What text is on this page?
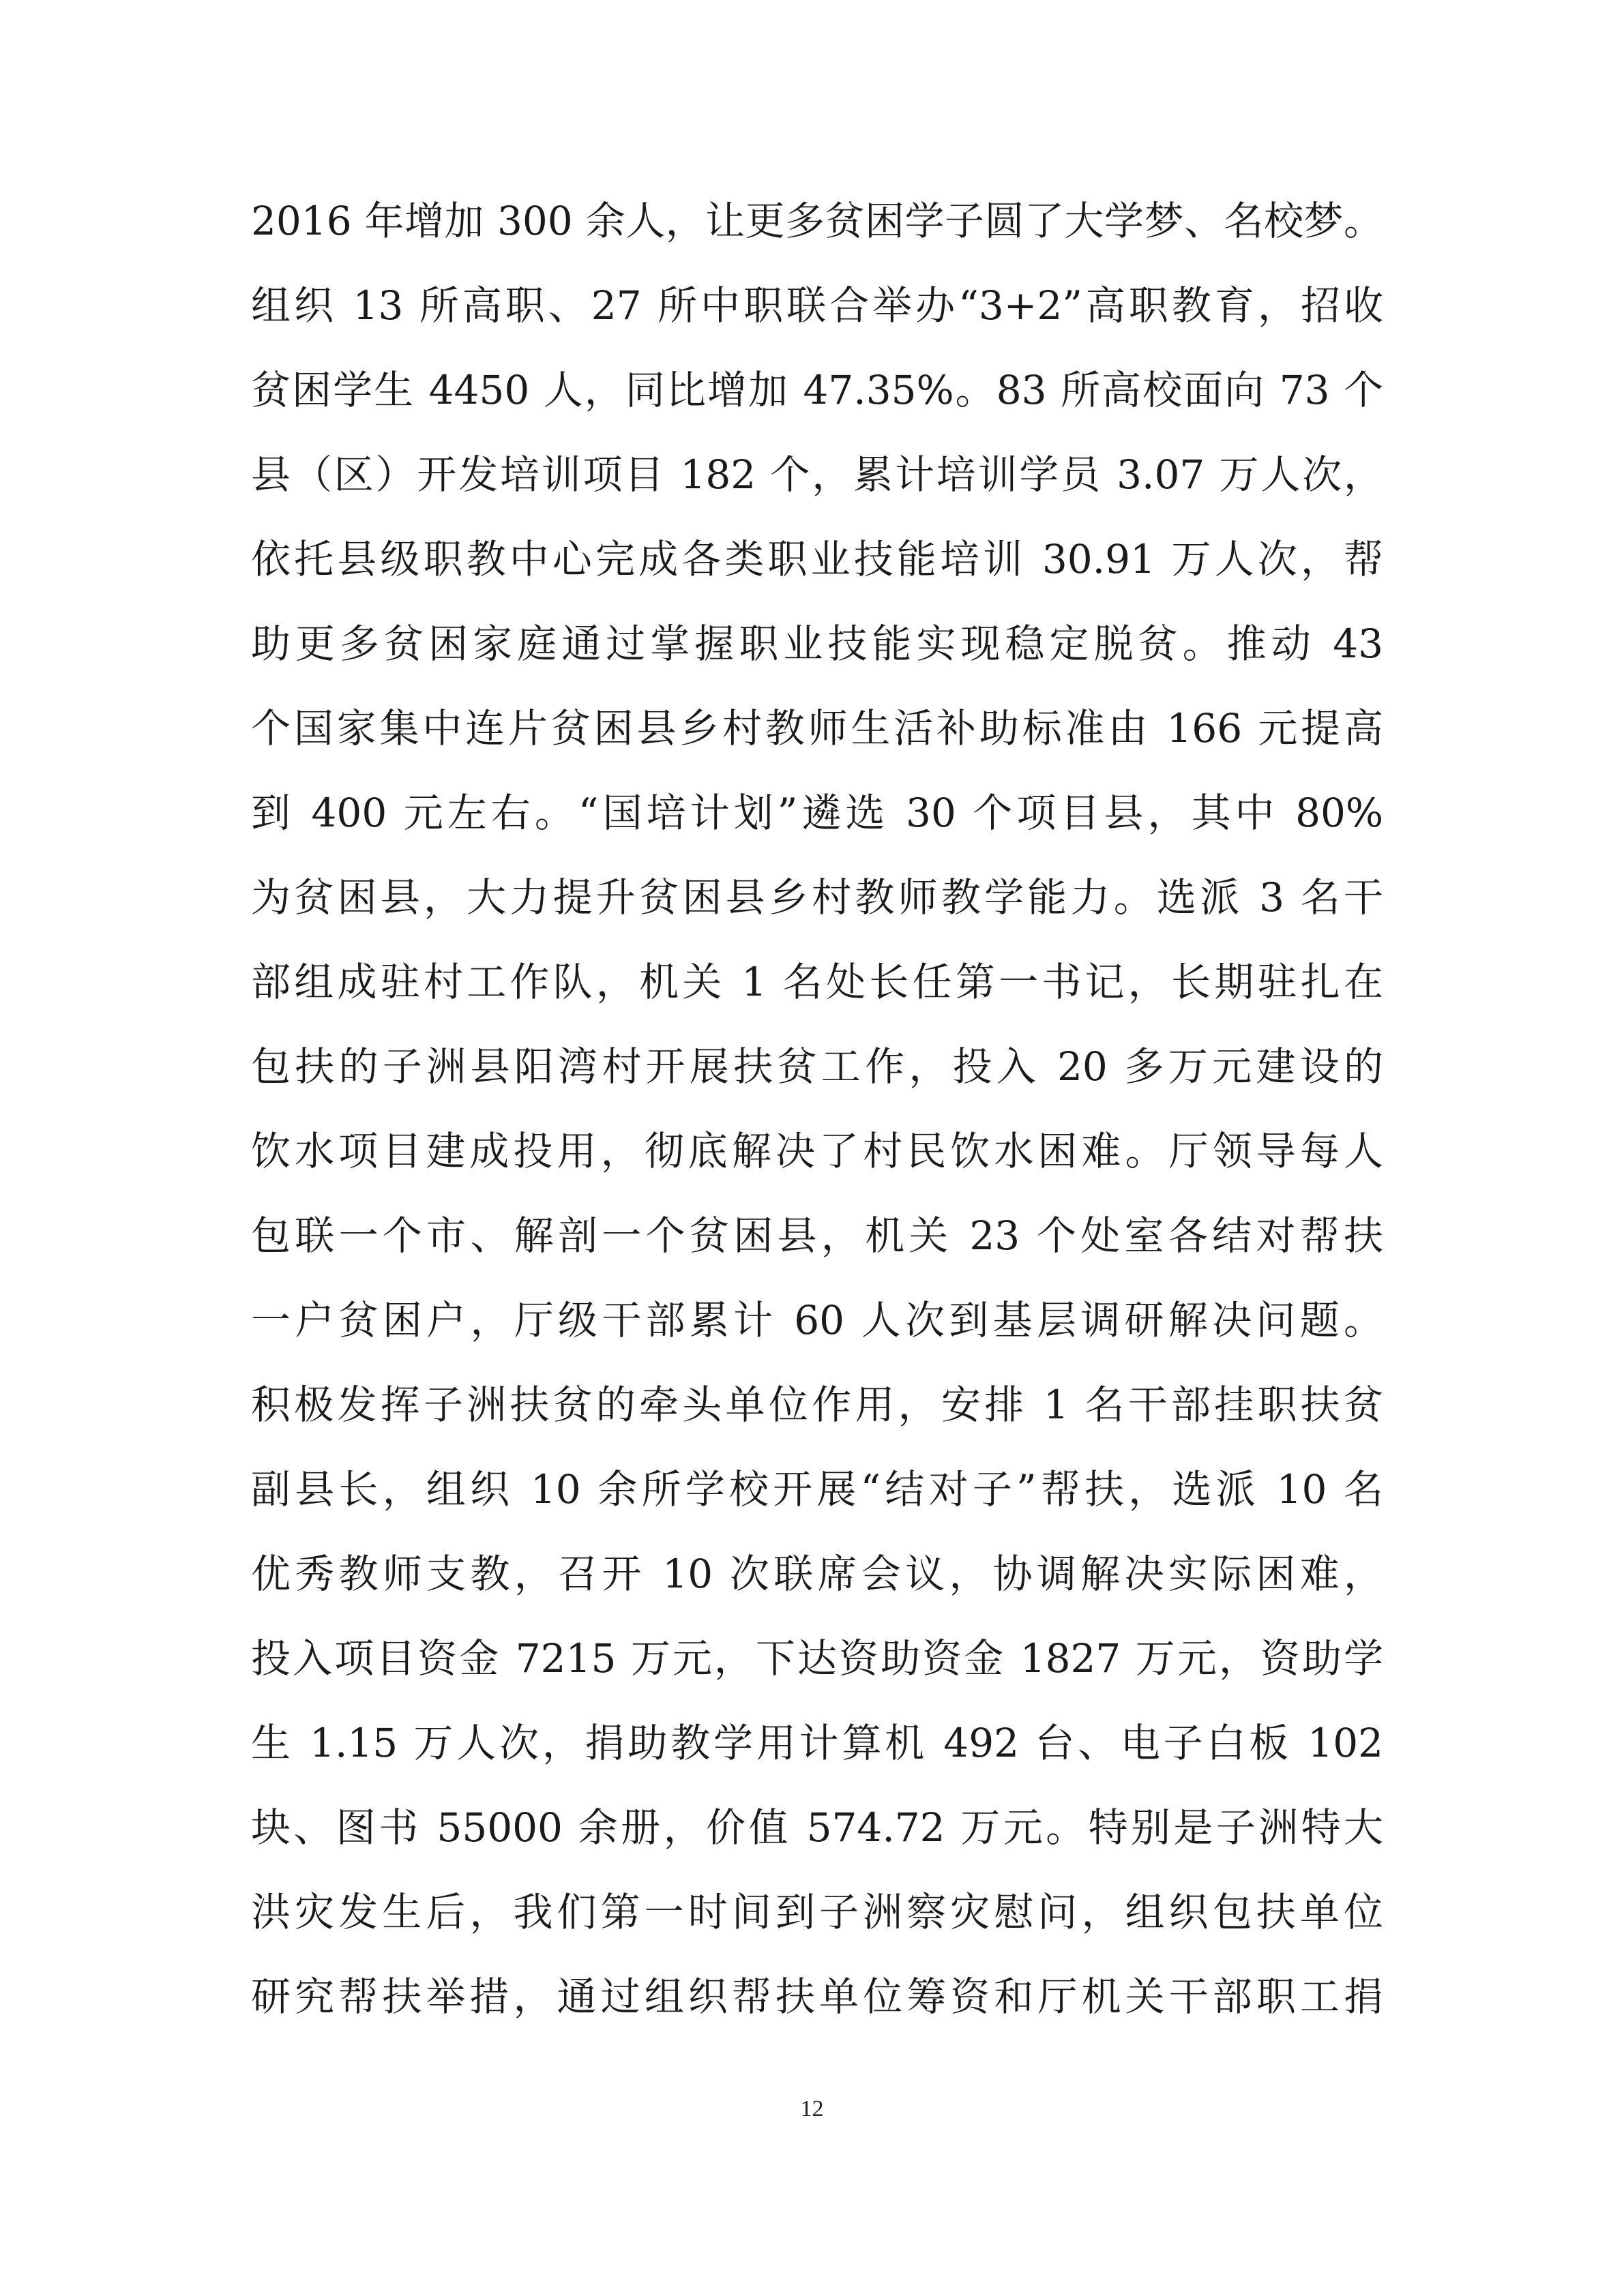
2016 年增加 300 余人，让更多贫困学子圆了大学梦、名校梦。
组织 13 所高职、27 所中职联合举办“3+2”高职教育，招收
贫困学生 4450 人，同比增加 47.35%。83 所高校面向 73 个
县（区）开发培训项目 182 个，累计培训学员 3.07 万人次，
依托县级职教中心完成各类职业技能培训 30.91 万人次，帮
助更多贫困家庭通过掌握职业技能实现稳定脱贫。推动 43
个国家集中连片贫困县乡村教师生活补助标准由 166 元提高
到 400 元左右。“国培计划”遴选 30 个项目县，其中 80%
为贫困县，大力提升贫困县乡村教师教学能力。选派 3 名干
部组成驻村工作队，机关 1 名处长任第一书记，长期驻扎在
包扶的子洲县阳湾村开展扶贫工作，投入 20 多万元建设的
饮水项目建成投用，彻底解决了村民饮水困难。厅领导每人
包联一个市、解剖一个贫困县，机关 23 个处室各结对帮扶
一户贫困户，厅级干部累计 60 人次到基层调研解决问题。
积极发挥子洲扶贫的牵头单位作用，安排 1 名干部挂职扶贫
副县长，组织 10 余所学校开展“结对子”帮扶，选派 10 名
优秀教师支教，召开 10 次联席会议，协调解决实际困难，
投入项目资金 7215 万元，下达资助资金 1827 万元，资助学
生 1.15 万人次，捐助教学用计算机 492 台、电子白板 102
块、图书 55000 余册，价值 574.72 万元。特别是子洲特大
洪灾发生后，我们第一时间到子洲察灾慰问，组织包扶单位
研究帮扶举措，通过组织帮扶单位筹资和厅机关干部职工捐
12
